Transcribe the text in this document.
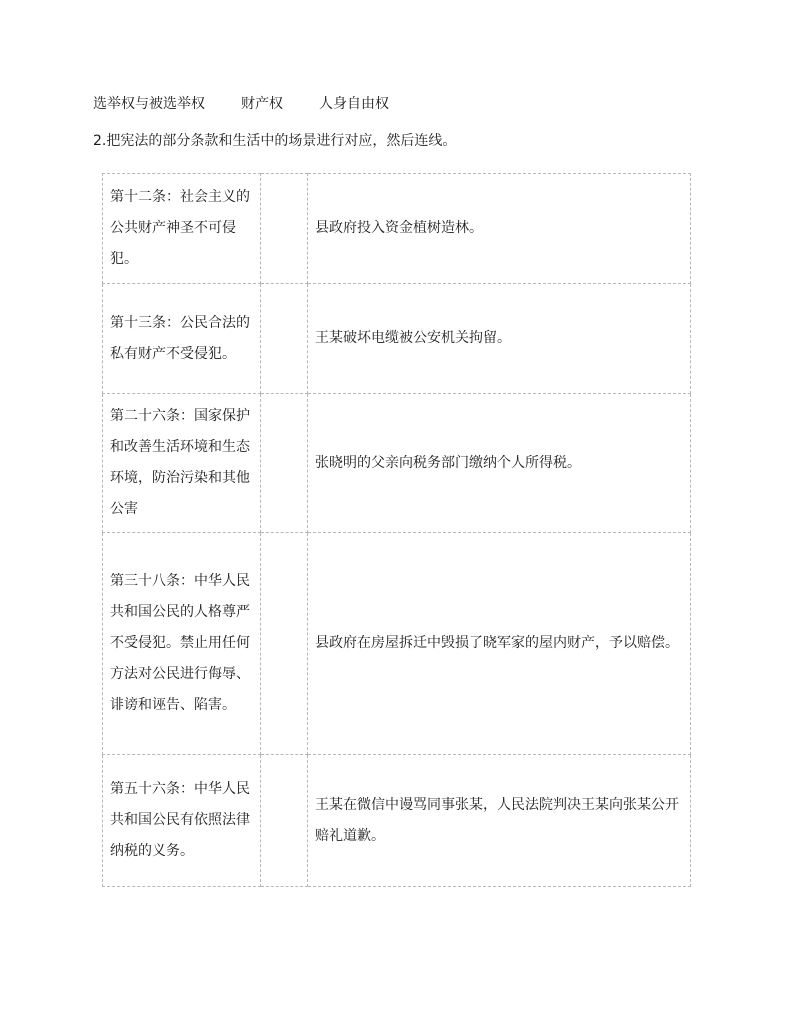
选举权与被选举权	财产权	人身自由权
2.把宪法的部分条款和生活中的场景进行对应，然后连线。
第十二条：社会主义的公共财产神圣不可侵犯。		县政府投入资金植树造林。

第十三条：公民合法的私有财产不受侵犯。		王某破坏电缆被公安机关拘留。

第二十六条：国家保护和改善生活环境和生态环境，防治污染和其他公害		张晓明的父亲向税务部门缴纳个人所得税。

第三十八条：中华人民共和国公民的人格尊严不受侵犯。禁止用任何方法对公民进行侮辱、诽谤和诬告、陷害。		县政府在房屋拆迁中毁损了晓军家的屋内财产，予以赔偿。

第五十六条：中华人民共和国公民有依照法律纳税的义务。		王某在微信中谩骂同事张某，人民法院判决王某向张某公开赔礼道歉。
